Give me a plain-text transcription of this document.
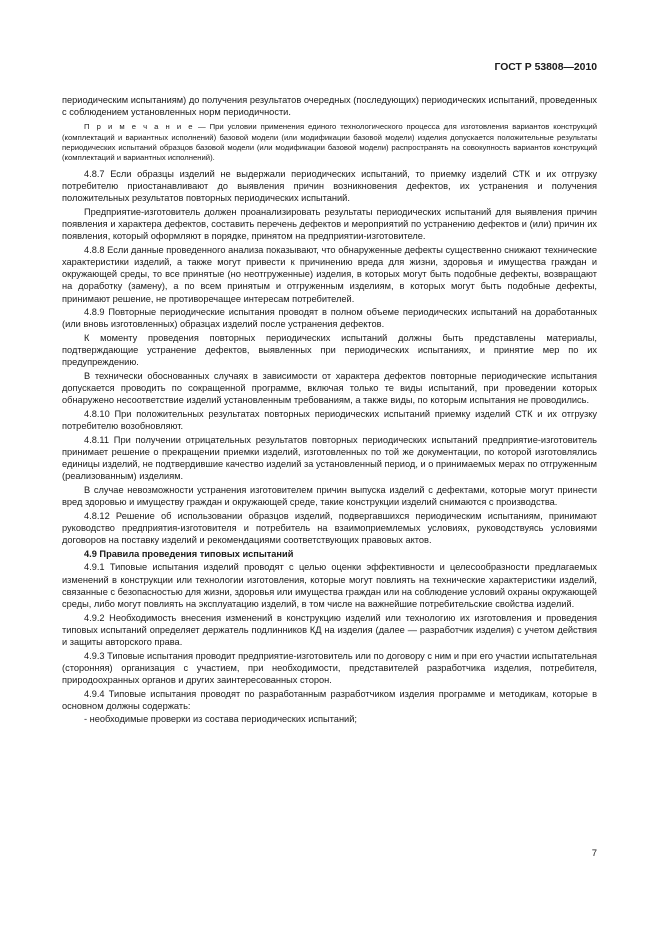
ГОСТ Р 53808—2010

периодическим испытаниям) до получения результатов очередных (последующих) периодических испытаний, проведенных с соблюдением установленных норм периодичности.

П р и м е ч а н и е — При условии применения единого технологического процесса для изготовления вариантов конструкций (комплектаций и вариантных исполнений) базовой модели (или модификации базовой модели) изделия допускается положительные результаты периодических испытаний образцов базовой модели (или модификации базовой модели) распространять на совокупность вариантов конструкций (комплектаций и вариантных исполнений).

4.8.7 Если образцы изделий не выдержали периодических испытаний, то приемку изделий СТК и их отгрузку потребителю приостанавливают до выявления причин возникновения дефектов, их устранения и получения положительных результатов повторных периодических испытаний.

Предприятие-изготовитель должен проанализировать результаты периодических испытаний для выявления причин появления и характера дефектов, составить перечень дефектов и мероприятий по устранению дефектов и (или) причин их появления, который оформляют в порядке, принятом на предприятии-изготовителе.

4.8.8 Если данные проведенного анализа показывают, что обнаруженные дефекты существенно снижают технические характеристики изделий, а также могут привести к причинению вреда для жизни, здоровья и имущества граждан и окружающей среды, то все принятые (но неотгруженные) изделия, в которых могут быть подобные дефекты, возвращают на доработку (замену), а по всем принятым и отгруженным изделиям, в которых могут быть подобные дефекты, принимают решение, не противоречащее интересам потребителей.

4.8.9 Повторные периодические испытания проводят в полном объеме периодических испытаний на доработанных (или вновь изготовленных) образцах изделий после устранения дефектов.

К моменту проведения повторных периодических испытаний должны быть представлены материалы, подтверждающие устранение дефектов, выявленных при периодических испытаниях, и принятие мер по их предупреждению.

В технически обоснованных случаях в зависимости от характера дефектов повторные периодические испытания допускается проводить по сокращенной программе, включая только те виды испытаний, при проведении которых обнаружено несоответствие изделий установленным требованиям, а также виды, по которым испытания не проводились.

4.8.10 При положительных результатах повторных периодических испытаний приемку изделий СТК и их отгрузку потребителю возобновляют.

4.8.11 При получении отрицательных результатов повторных периодических испытаний предприятие-изготовитель принимает решение о прекращении приемки изделий, изготовленных по той же документации, по которой изготовлялись единицы изделий, не подтвердившие качество изделий за установленный период, и о принимаемых мерах по отгруженным (реализованным) изделиям.

В случае невозможности устранения изготовителем причин выпуска изделий с дефектами, которые могут принести вред здоровью и имуществу граждан и окружающей среде, такие конструкции изделий снимаются с производства.

4.8.12 Решение об использовании образцов изделий, подвергавшихся периодическим испытаниям, принимают руководство предприятия-изготовителя и потребитель на взаимоприемлемых условиях, руководствуясь условиями договоров на поставку изделий и рекомендациями соответствующих правовых актов.

4.9 Правила проведения типовых испытаний

4.9.1 Типовые испытания изделий проводят с целью оценки эффективности и целесообразности предлагаемых изменений в конструкции или технологии изготовления, которые могут повлиять на технические характеристики изделий, связанные с безопасностью для жизни, здоровья или имущества граждан или на соблюдение условий охраны окружающей среды, либо могут повлиять на эксплуатацию изделий, в том числе на важнейшие потребительские свойства изделий.

4.9.2 Необходимость внесения изменений в конструкцию изделий или технологию их изготовления и проведения типовых испытаний определяет держатель подлинников КД на изделия (далее — разработчик изделия) с учетом действия и защиты авторского права.

4.9.3 Типовые испытания проводит предприятие-изготовитель или по договору с ним и при его участии испытательная (сторонняя) организация с участием, при необходимости, представителей разработчика изделия, потребителя, природоохранных органов и других заинтересованных сторон.

4.9.4 Типовые испытания проводят по разработанным разработчиком изделия программе и методикам, которые в основном должны содержать:

- необходимые проверки из состава периодических испытаний;

7
